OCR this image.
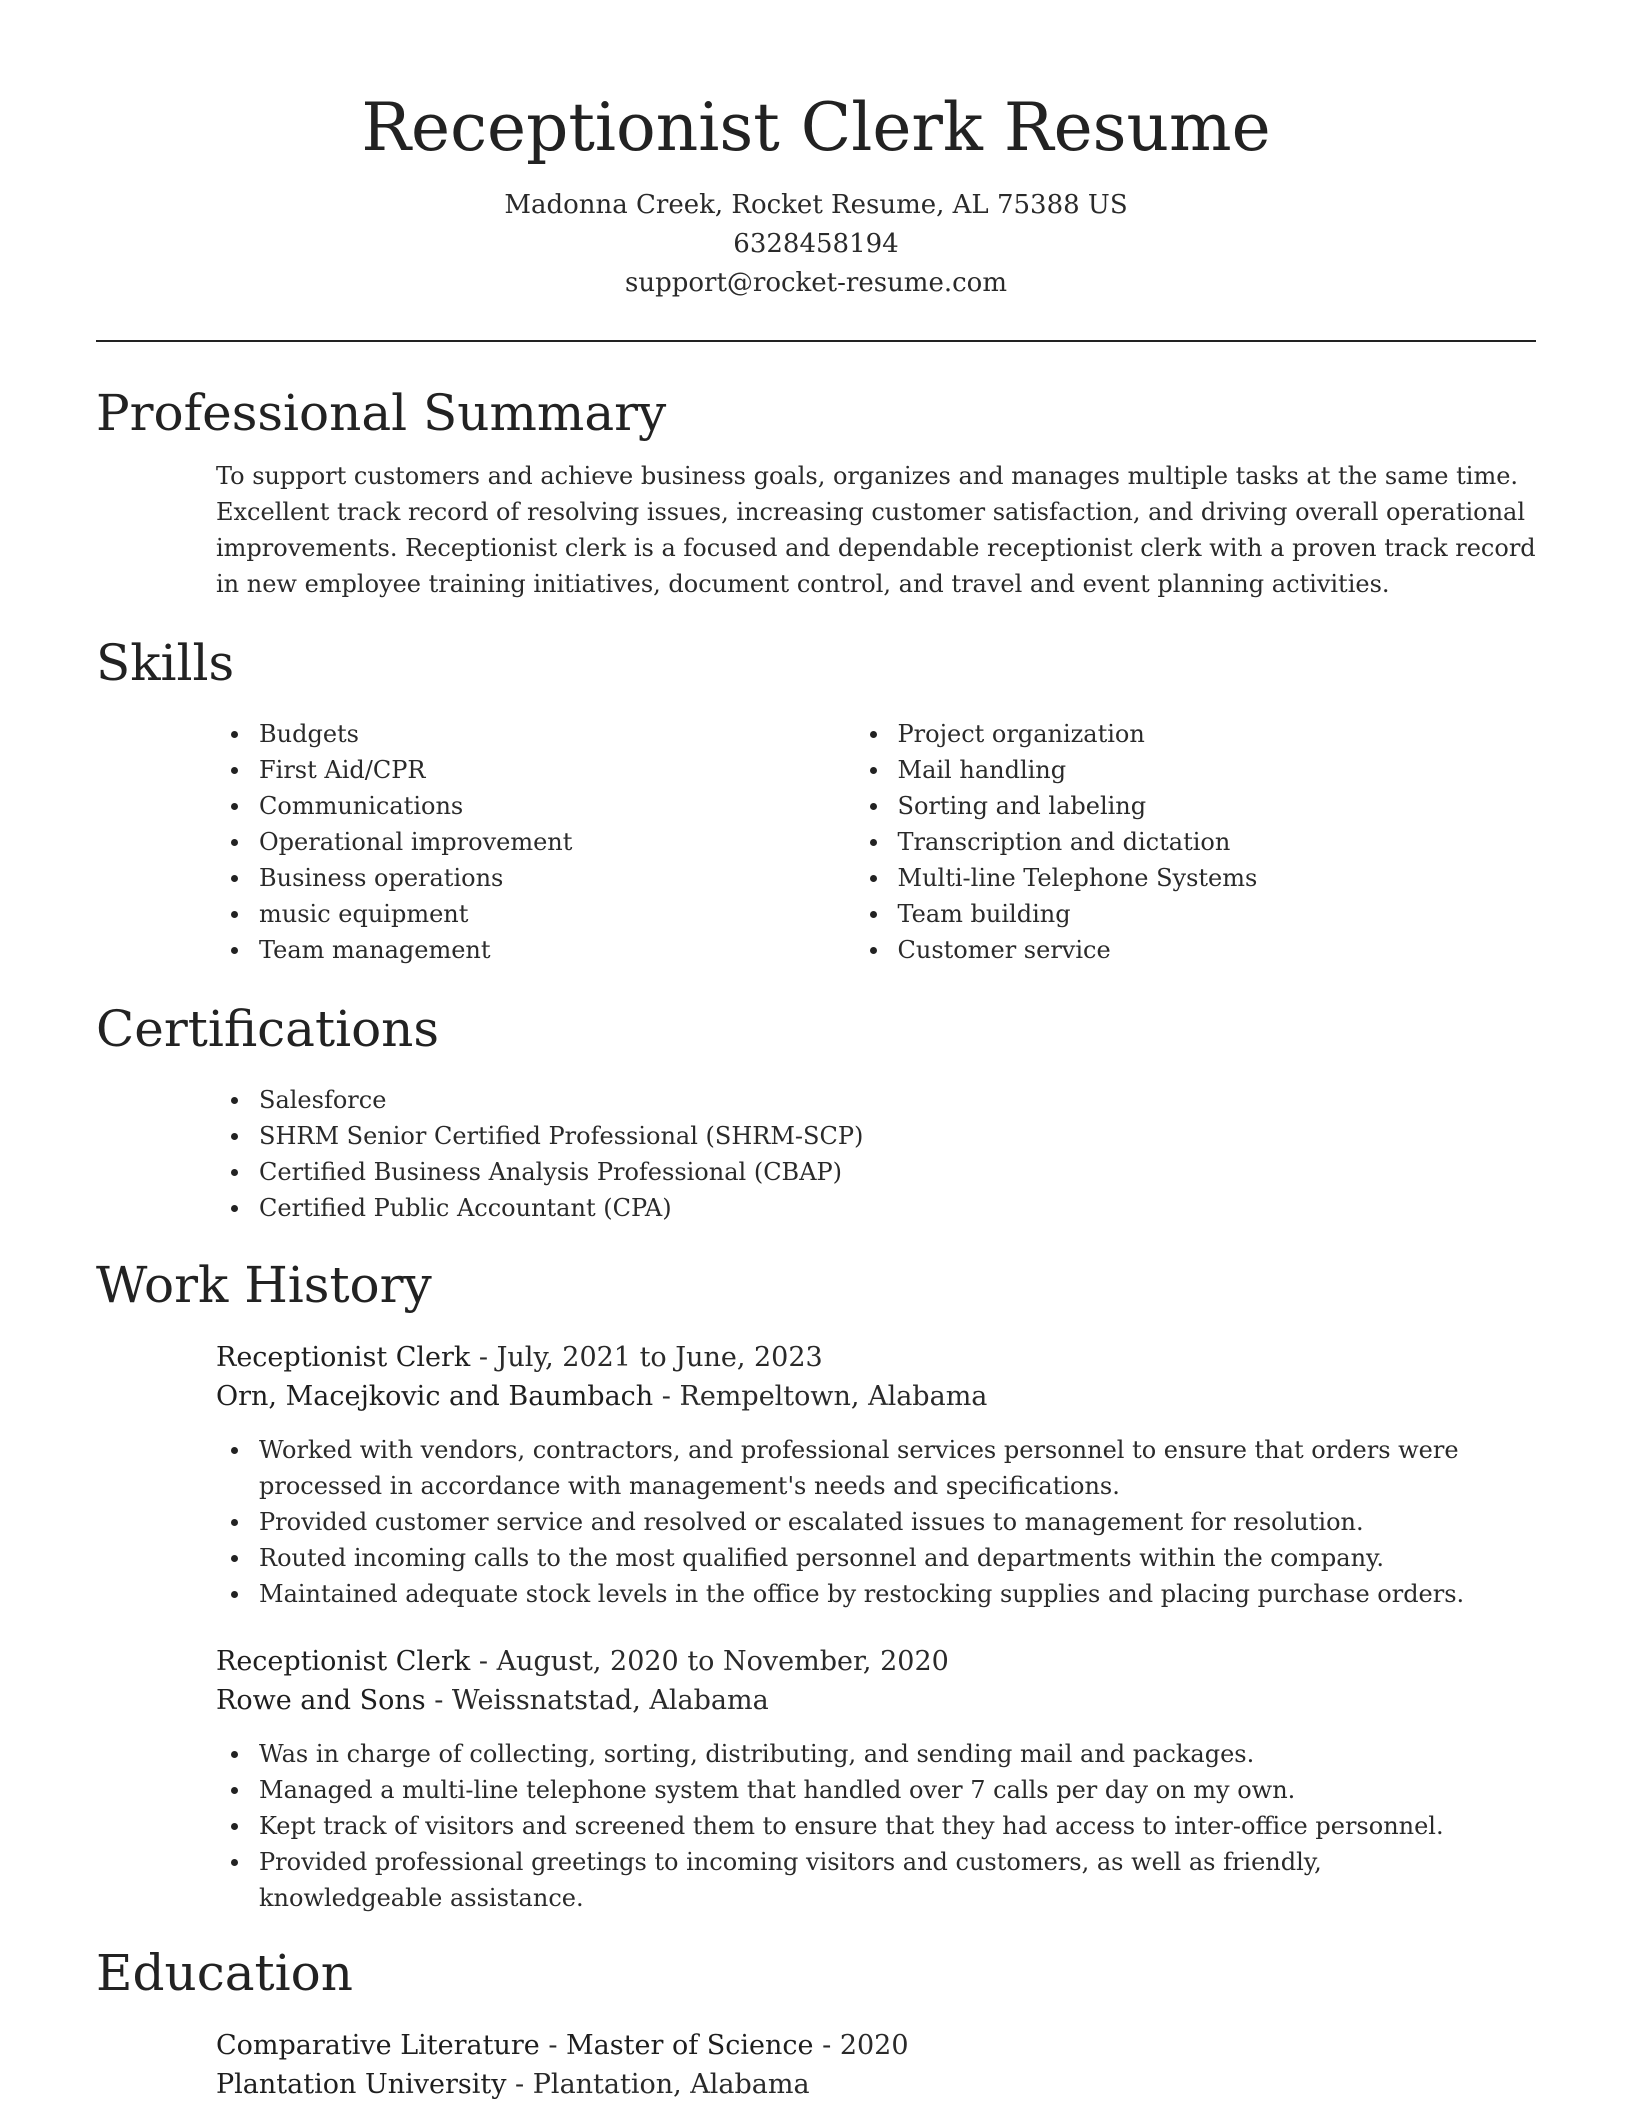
Receptionist Clerk Resume
Madonna Creek, Rocket Resume, AL 75388 US
6328458194
support@rocket-resume.com
Professional Summary

To support customers and achieve business goals, organizes and manages multiple tasks at the same time. Excellent track record of resolving issues, increasing customer satisfaction, and driving overall operational improvements. Receptionist clerk is a focused and dependable receptionist clerk with a proven track record in new employee training initiatives, document control, and travel and event planning activities.

Skills
Budgets
First Aid/CPR
Communications
Operational improvement
Business operations
music equipment
Team management
Project organization
Mail handling
Sorting and labeling
Transcription and dictation
Multi-line Telephone Systems
Team building
Customer service
Certifications
Salesforce
SHRM Senior Certified Professional (SHRM-SCP)
Certified Business Analysis Professional (CBAP)
Certified Public Accountant (CPA)
Work History
Receptionist Clerk - July, 2021 to June, 2023
Orn, Macejkovic and Baumbach - Rempeltown, Alabama
Worked with vendors, contractors, and professional services personnel to ensure that orders were processed in accordance with management's needs and specifications.
Provided customer service and resolved or escalated issues to management for resolution.
Routed incoming calls to the most qualified personnel and departments within the company.
Maintained adequate stock levels in the office by restocking supplies and placing purchase orders.
Receptionist Clerk - August, 2020 to November, 2020
Rowe and Sons - Weissnatstad, Alabama
Was in charge of collecting, sorting, distributing, and sending mail and packages.
Managed a multi-line telephone system that handled over 7 calls per day on my own.
Kept track of visitors and screened them to ensure that they had access to inter-office personnel.
Provided professional greetings to incoming visitors and customers, as well as friendly, knowledgeable assistance.
Education
Comparative Literature - Master of Science - 2020
Plantation University - Plantation, Alabama
